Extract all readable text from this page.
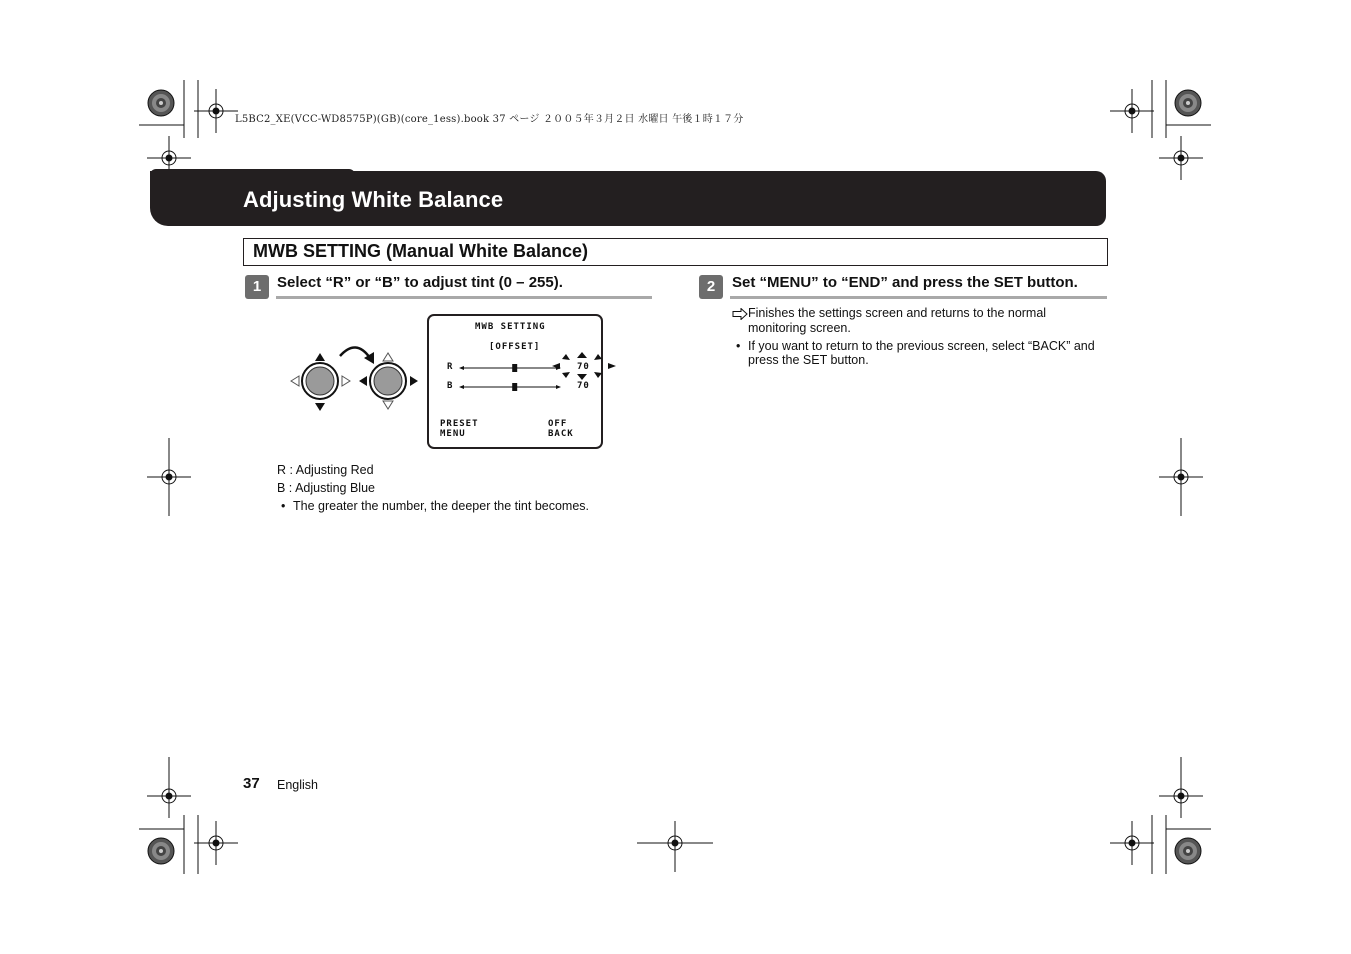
L5BC2_XE(VCC-WD8575P)(GB)(core_1ess).book 37 ページ ２００５年３月２日 水曜日 午後１時１７分
Adjusting White Balance
MWB SETTING (Manual White Balance)
1	Select “R” or “B” to adjust tint (0 – 255).
MWB SETTING
[OFFSET]
R	70
B	70
PRESET
MENU
OFF
BACK
R : Adjusting Red
B : Adjusting Blue
• The greater the number, the deeper the tint becomes.
2	Set “MENU” to “END” and press the SET button.
Finishes the settings screen and returns to the normal
monitoring screen.
• If you want to return to the previous screen, select “BACK” and
press the SET button.
37 English
